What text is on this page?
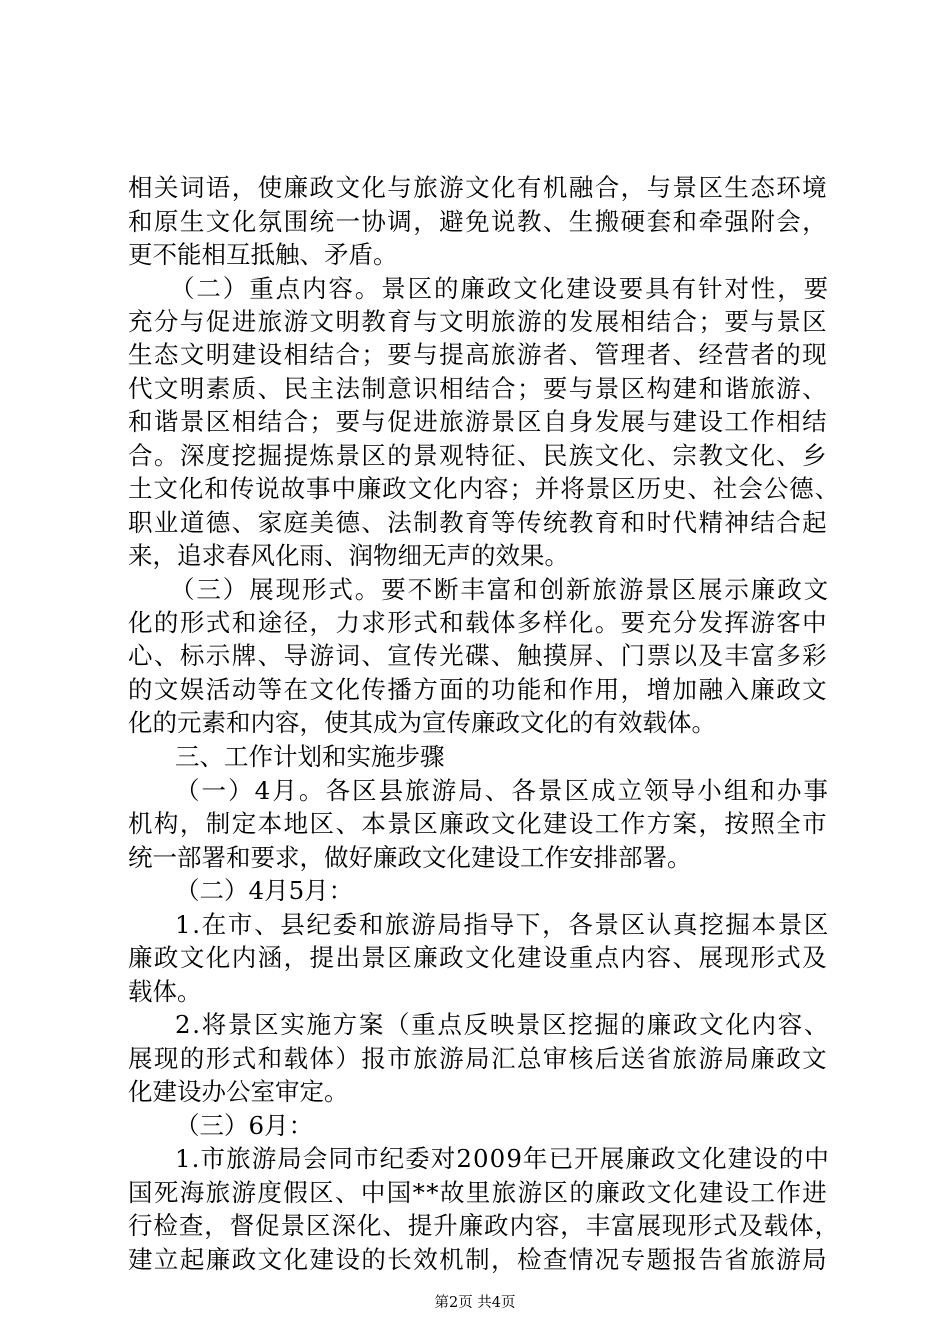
相关词语，使廉政文化与旅游文化有机融合，与景区生态环境
和原生文化氛围统一协调，避免说教、生搬硬套和牵强附会，
更不能相互抵触、矛盾。
（二）重点内容。景区的廉政文化建设要具有针对性，要
充分与促进旅游文明教育与文明旅游的发展相结合；要与景区
生态文明建设相结合；要与提高旅游者、管理者、经营者的现
代文明素质、民主法制意识相结合；要与景区构建和谐旅游、
和谐景区相结合；要与促进旅游景区自身发展与建设工作相结
合。深度挖掘提炼景区的景观特征、民族文化、宗教文化、乡
土文化和传说故事中廉政文化内容；并将景区历史、社会公德、
职业道德、家庭美德、法制教育等传统教育和时代精神结合起
来，追求春风化雨、润物细无声的效果。
（三）展现形式。要不断丰富和创新旅游景区展示廉政文
化的形式和途径，力求形式和载体多样化。要充分发挥游客中
心、标示牌、导游词、宣传光碟、触摸屏、门票以及丰富多彩
的文娱活动等在文化传播方面的功能和作用，增加融入廉政文
化的元素和内容，使其成为宣传廉政文化的有效载体。
三、工作计划和实施步骤
（一）4月。各区县旅游局、各景区成立领导小组和办事
机构，制定本地区、本景区廉政文化建设工作方案，按照全市
统一部署和要求，做好廉政文化建设工作安排部署。
（二）4月5月：
1.在市、县纪委和旅游局指导下，各景区认真挖掘本景区
廉政文化内涵，提出景区廉政文化建设重点内容、展现形式及
载体。
2.将景区实施方案（重点反映景区挖掘的廉政文化内容、
展现的形式和载体）报市旅游局汇总审核后送省旅游局廉政文
化建设办公室审定。
（三）6月：
1.市旅游局会同市纪委对2009年已开展廉政文化建设的中
国死海旅游度假区、中国**故里旅游区的廉政文化建设工作进
行检查，督促景区深化、提升廉政内容，丰富展现形式及载体，
建立起廉政文化建设的长效机制，检查情况专题报告省旅游局
第2页 共4页
